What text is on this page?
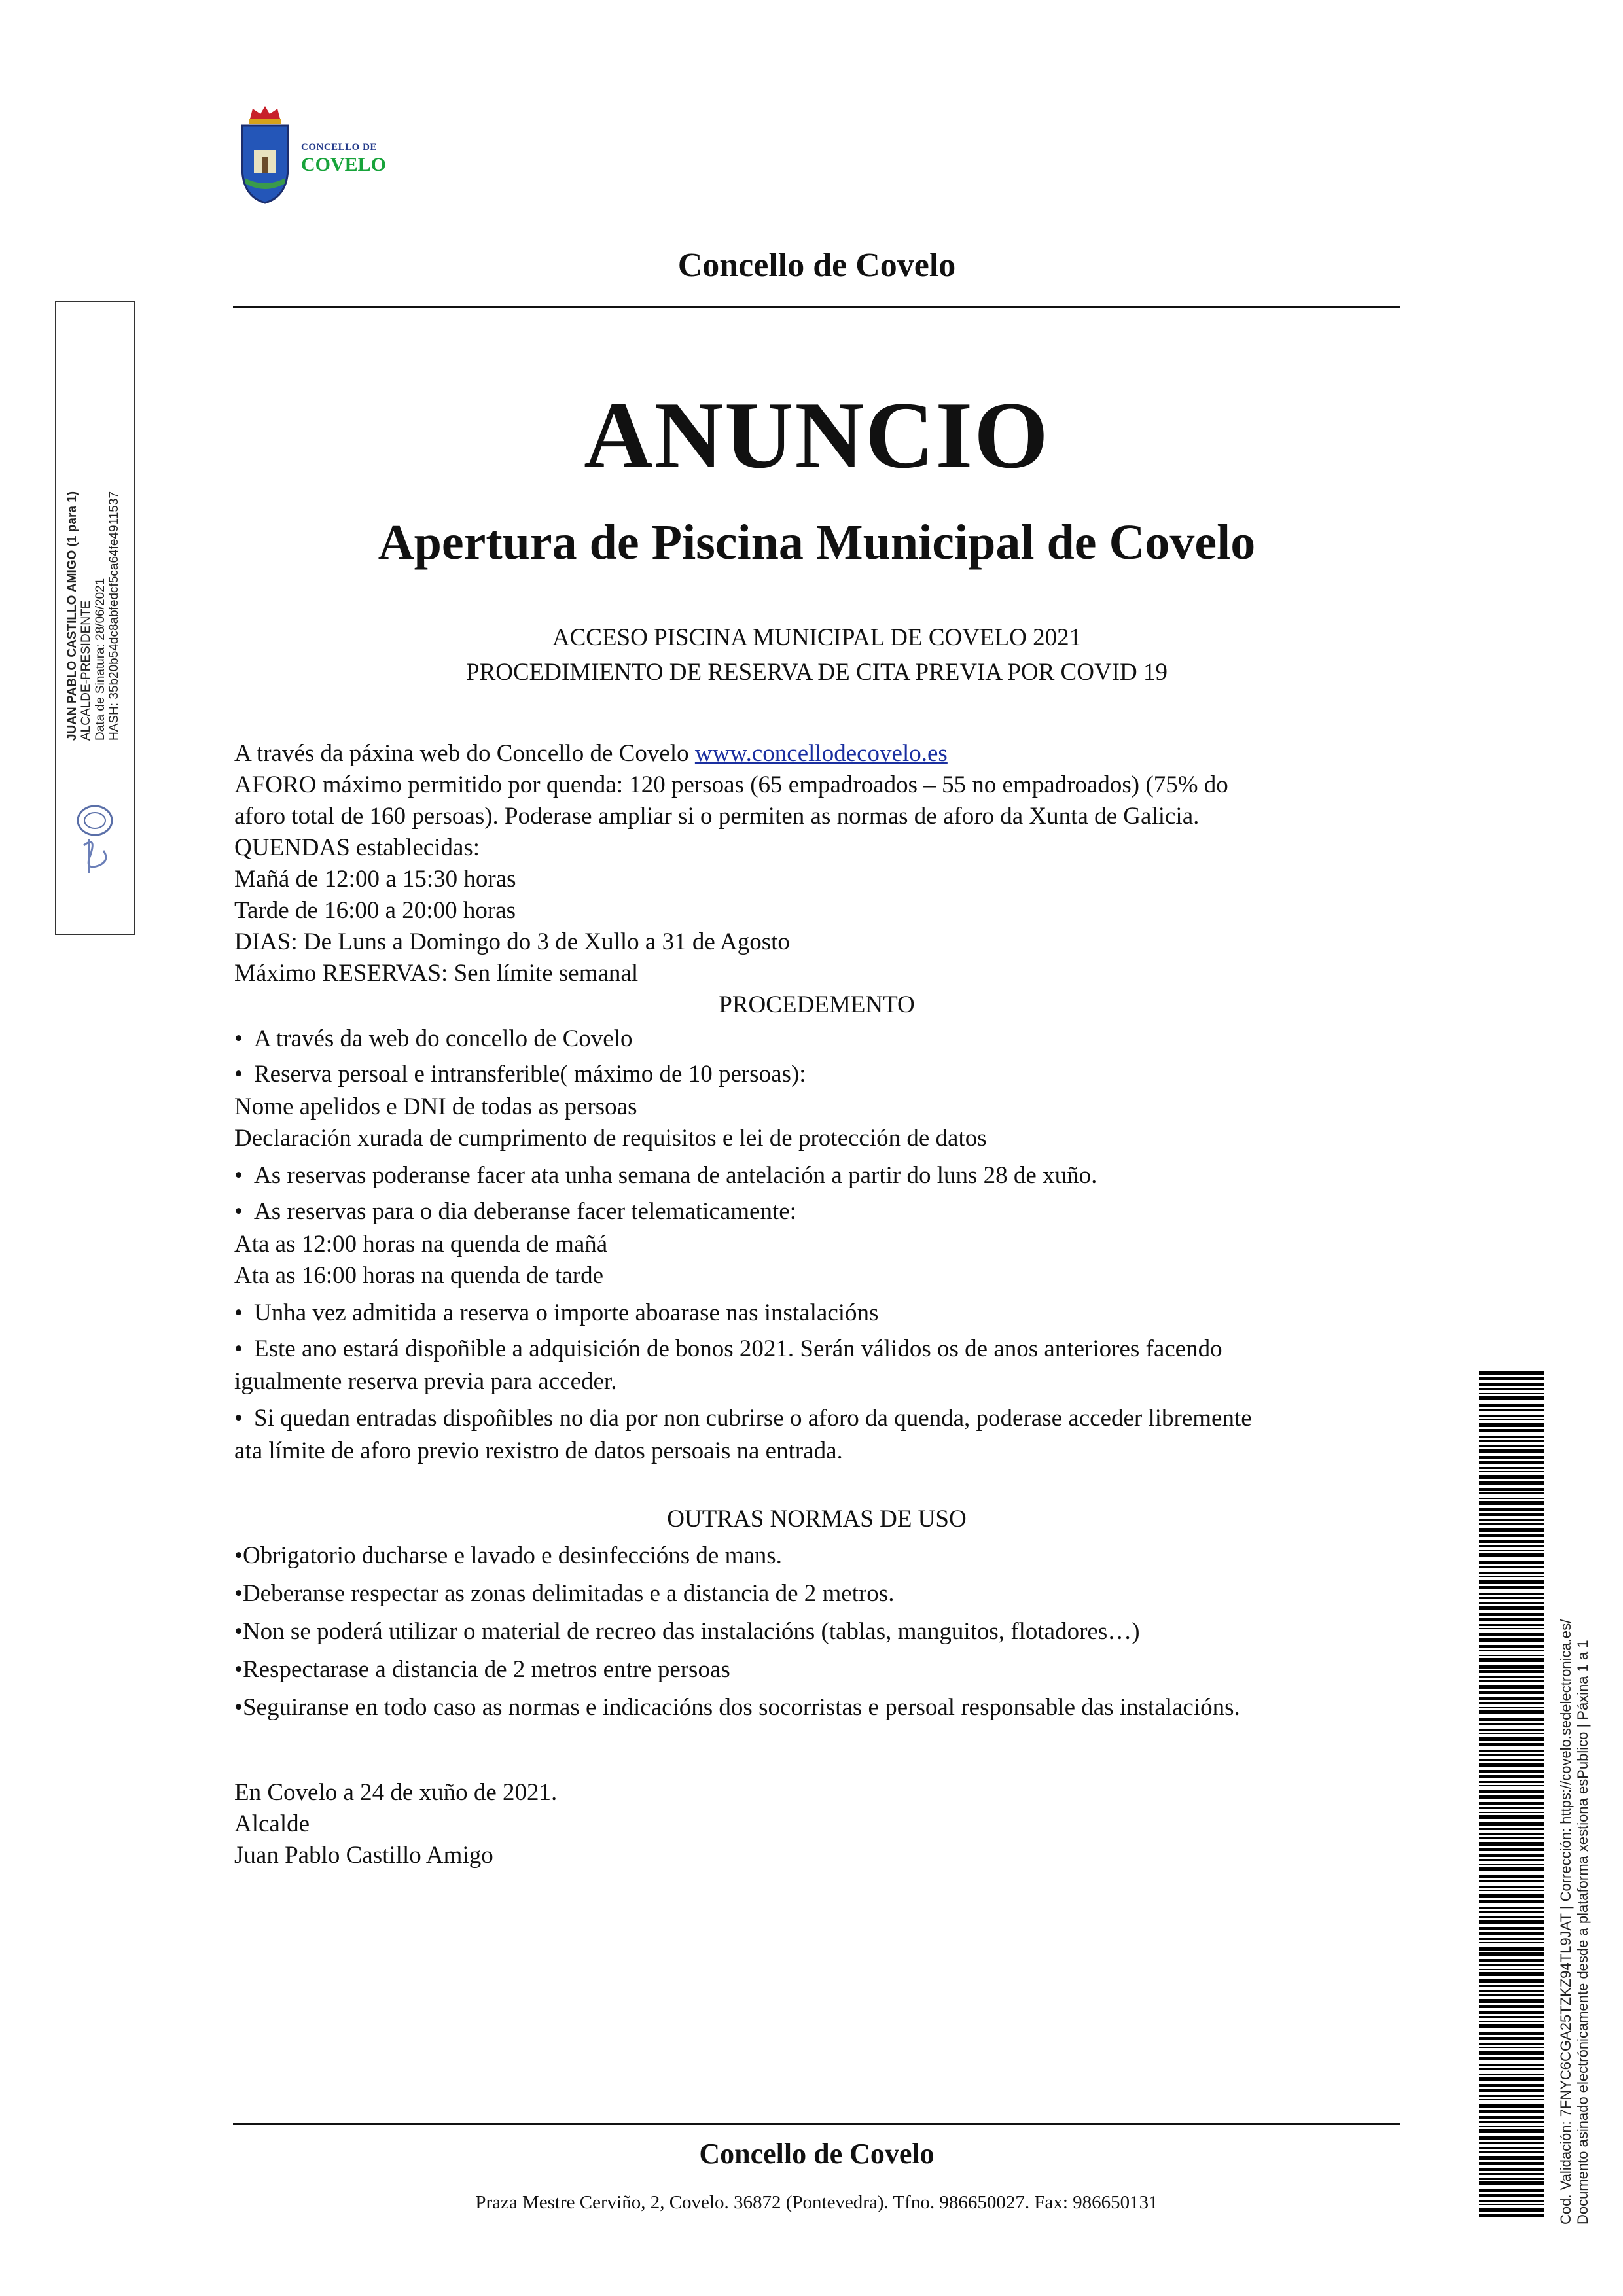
CONCELLO DE
COVELO
Concello de Covelo
ANUNCIO
Apertura de Piscina Municipal de Covelo
ACCESO PISCINA MUNICIPAL DE COVELO 2021
PROCEDIMIENTO DE RESERVA DE CITA PREVIA POR COVID 19
A través da páxina web do Concello de Covelo www.concellodecovelo.es
AFORO máximo permitido por quenda: 120 persoas (65 empadroados – 55 no empadroados) (75% do
aforo total de 160 persoas). Poderase ampliar si o permiten as normas de aforo da Xunta de Galicia.
QUENDAS establecidas:
Mañá de 12:00 a 15:30 horas
Tarde de 16:00 a 20:00 horas
DIAS: De Luns a Domingo do 3 de Xullo a 31 de Agosto
Máximo RESERVAS: Sen límite semanal
PROCEDEMENTO
• A través da web do concello de Covelo
• Reserva persoal e intransferible( máximo de 10 persoas):
Nome apelidos e DNI de todas as persoas
Declaración xurada de cumprimento de requisitos e lei de protección de datos
• As reservas poderanse facer ata unha semana de antelación a partir do luns 28 de xuño.
• As reservas para o dia deberanse facer telematicamente:
Ata as 12:00 horas na quenda de mañá
Ata as 16:00 horas na quenda de tarde
• Unha vez admitida a reserva o importe aboarase nas instalacións
• Este ano estará dispoñible a adquisición de bonos 2021. Serán válidos os de anos anteriores facendo
igualmente reserva previa para acceder.
• Si quedan entradas dispoñibles no dia por non cubrirse o aforo da quenda, poderase acceder libremente
ata límite de aforo previo rexistro de datos persoais na entrada.
OUTRAS NORMAS DE USO
•Obrigatorio ducharse e lavado e desinfeccións de mans.
•Deberanse respectar as zonas delimitadas e a distancia de 2 metros.
•Non se poderá utilizar o material de recreo das instalacións (tablas, manguitos, flotadores…)
•Respectarase a distancia de 2 metros entre persoas
•Seguiranse en todo caso as normas e indicacións dos socorristas e persoal responsable das instalacións.
En Covelo a 24 de xuño de 2021.
Alcalde
Juan Pablo Castillo Amigo
Concello de Covelo
Praza Mestre Cerviño, 2, Covelo. 36872 (Pontevedra). Tfno. 986650027. Fax: 986650131
JUAN PABLO CASTILLO AMIGO (1 para 1) ALCALDE-PRESIDENTE Data de Sinatura: 28/06/2021 HASH: 35b20b54dc8abfedcf5ca64fe4911537
Cod. Validación: 7FNYC6CGA25TZKZ94TL9JAT | Corrección: https://covelo.sedelectronica.es/ Documento asinado electrónicamente desde a plataforma xestiona esPublico | Páxina 1 a 1
